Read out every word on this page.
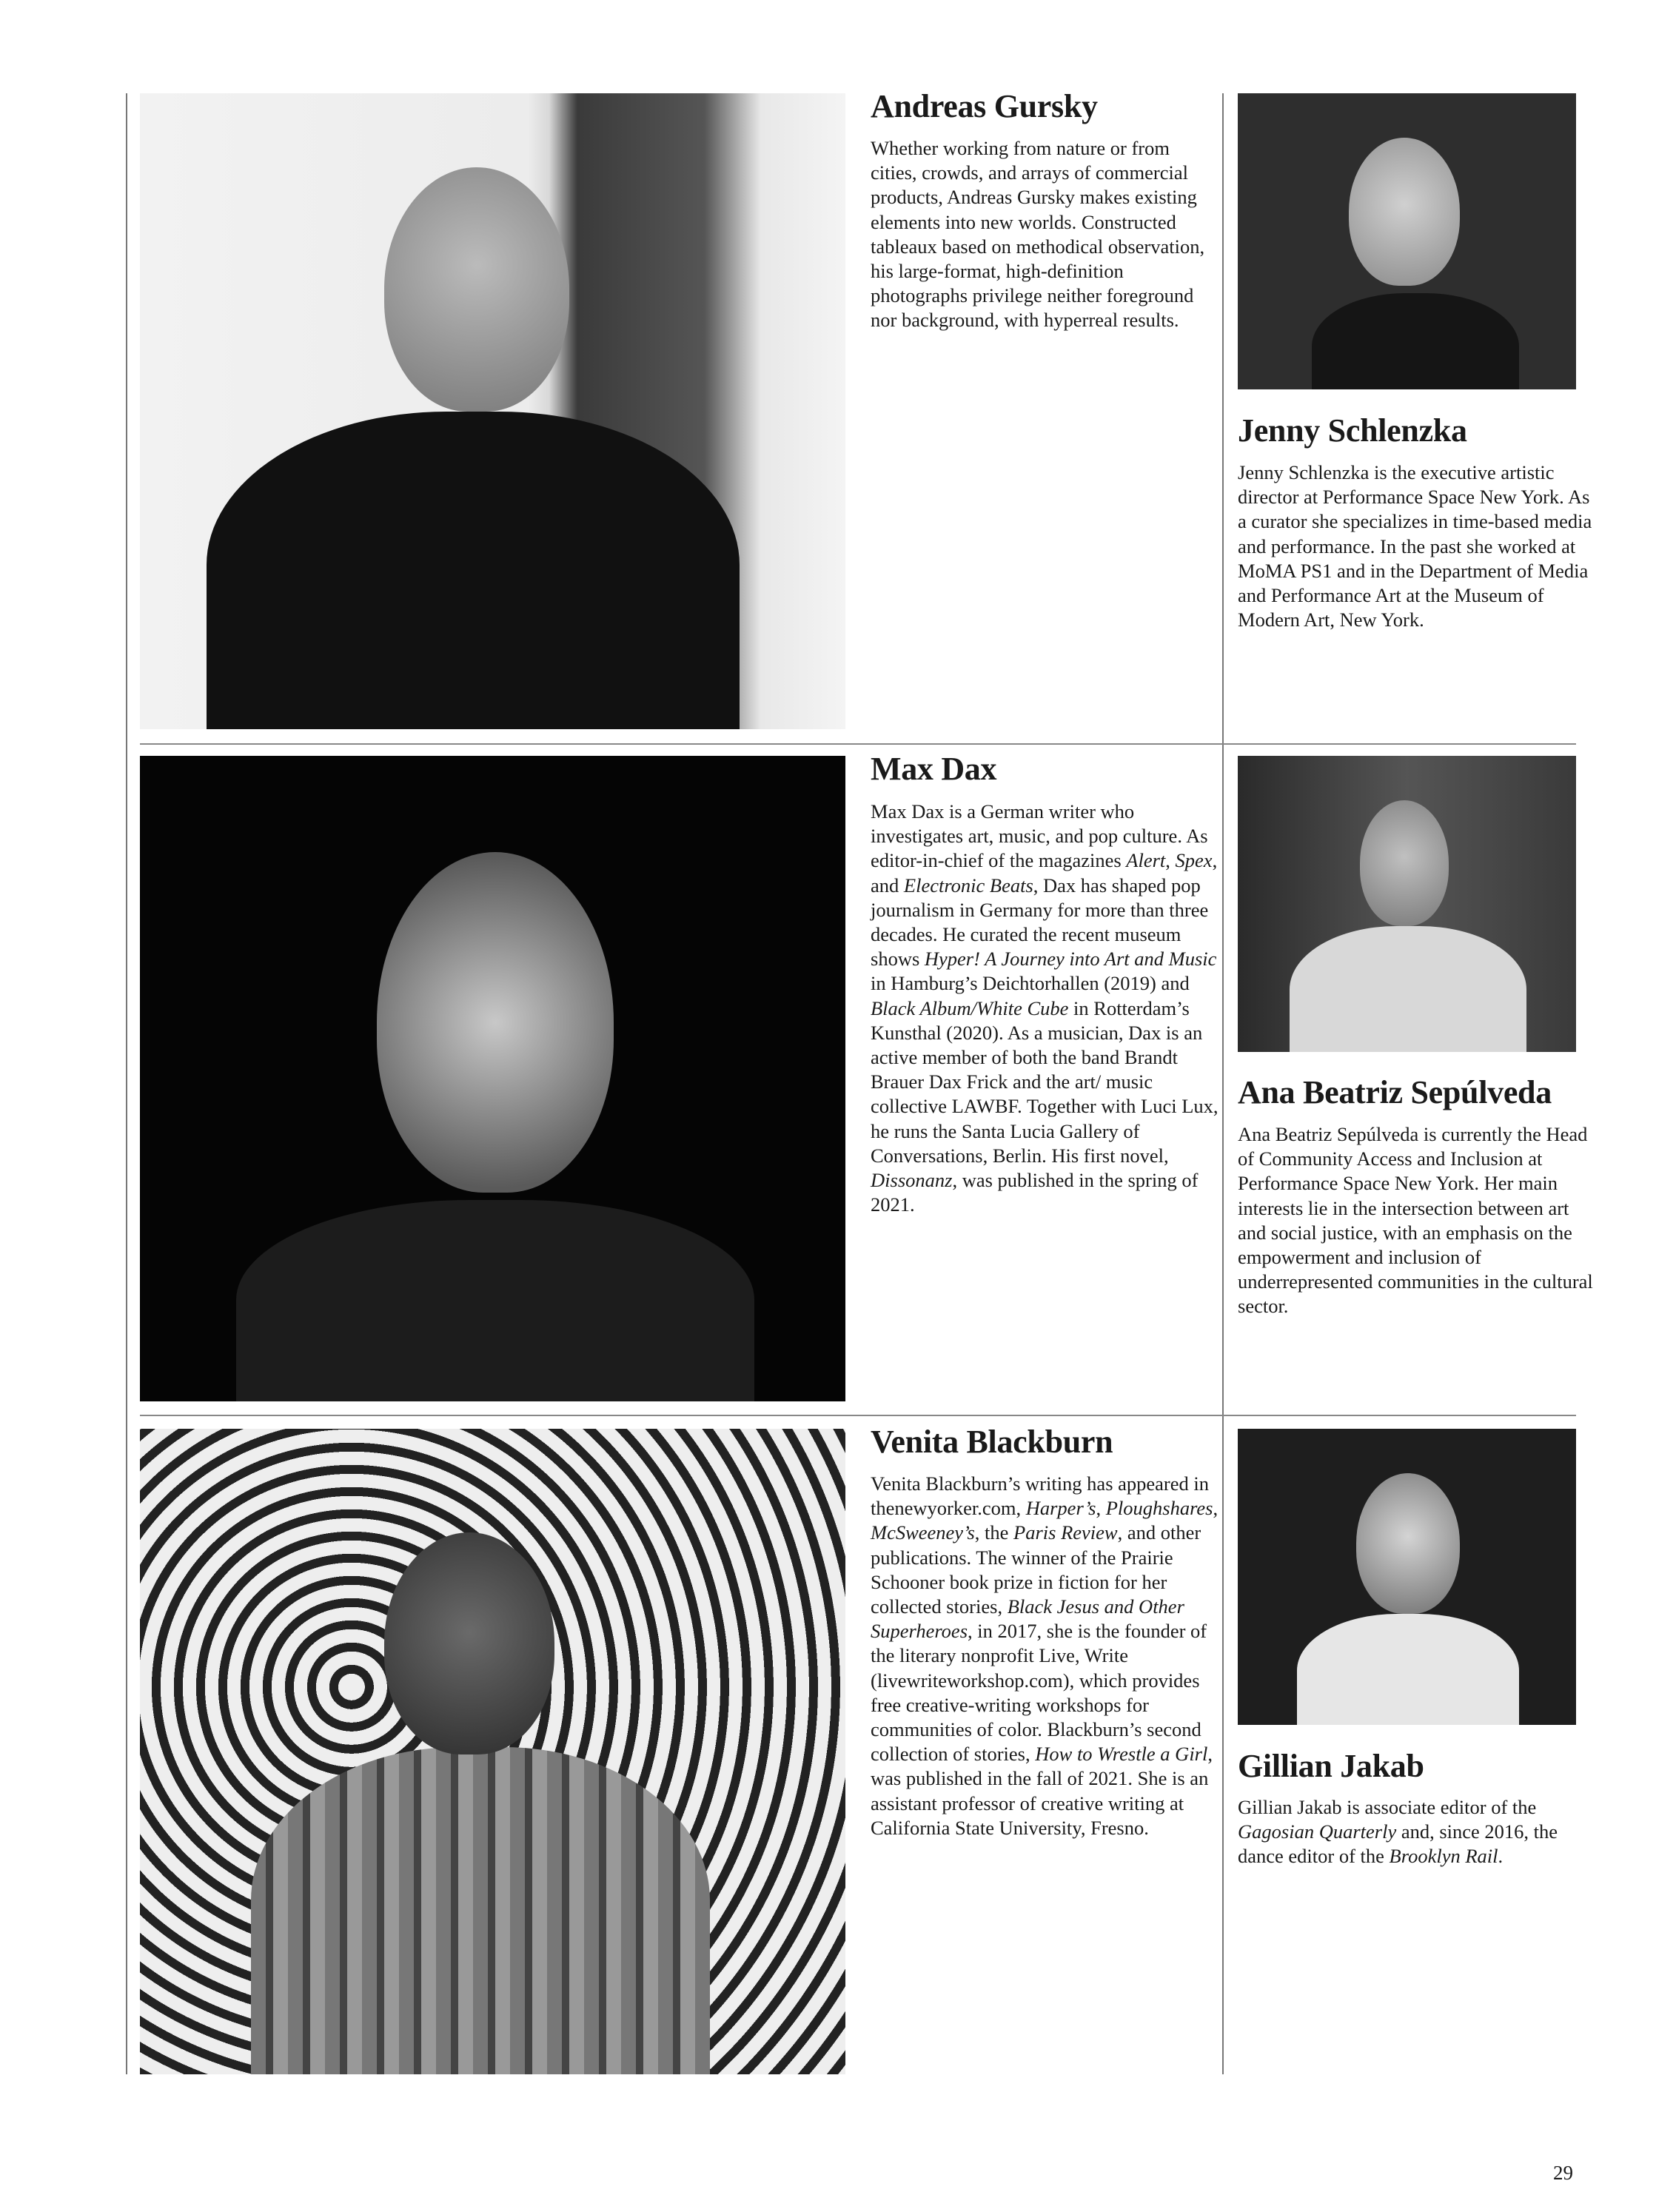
Andreas Gursky

Whether working from nature or from cities, crowds, and arrays of commercial products, Andreas Gursky makes existing elements into new worlds. Constructed tableaux based on methodical observation, his large-format, high-definition photographs privilege neither foreground nor background, with hyperreal results.

Jenny Schlenzka

Jenny Schlenzka is the executive artistic director at Performance Space New York. As a curator she specializes in time-based media and performance. In the past she worked at MoMA PS1 and in the Department of Media and Performance Art at the Museum of Modern Art, New York.

Max Dax

Max Dax is a German writer who investigates art, music, and pop culture. As editor-in-chief of the magazines Alert, Spex, and Electronic Beats, Dax has shaped pop journalism in Germany for more than three decades. He curated the recent museum shows Hyper! A Journey into Art and Music in Hamburg’s Deichtorhallen (2019) and Black Album/White Cube in Rotterdam’s Kunsthal (2020). As a musician, Dax is an active member of both the band Brandt Brauer Dax Frick and the art/ music collective LAWBF. Together with Luci Lux, he runs the Santa Lucia Gallery of Conversations, Berlin. His first novel, Dissonanz, was published in the spring of 2021.

Ana Beatriz Sepúlveda

Ana Beatriz Sepúlveda is currently the Head of Community Access and Inclusion at Performance Space New York. Her main interests lie in the intersection between art and social justice, with an emphasis on the empowerment and inclusion of underrepresented communities in the cultural sector.

Venita Blackburn

Venita Blackburn’s writing has appeared in thenewyorker.com, Harper’s, Ploughshares, McSweeney’s, the Paris Review, and other publications. The winner of the Prairie Schooner book prize in fiction for her collected stories, Black Jesus and Other Superheroes, in 2017, she is the founder of the literary nonprofit Live, Write (livewriteworkshop.com), which provides free creative-writing workshops for communities of color. Blackburn’s second collection of stories, How to Wrestle a Girl, was published in the fall of 2021. She is an assistant professor of creative writing at California State University, Fresno.

Gillian Jakab

Gillian Jakab is associate editor of the Gagosian Quarterly and, since 2016, the dance editor of the Brooklyn Rail.

29
